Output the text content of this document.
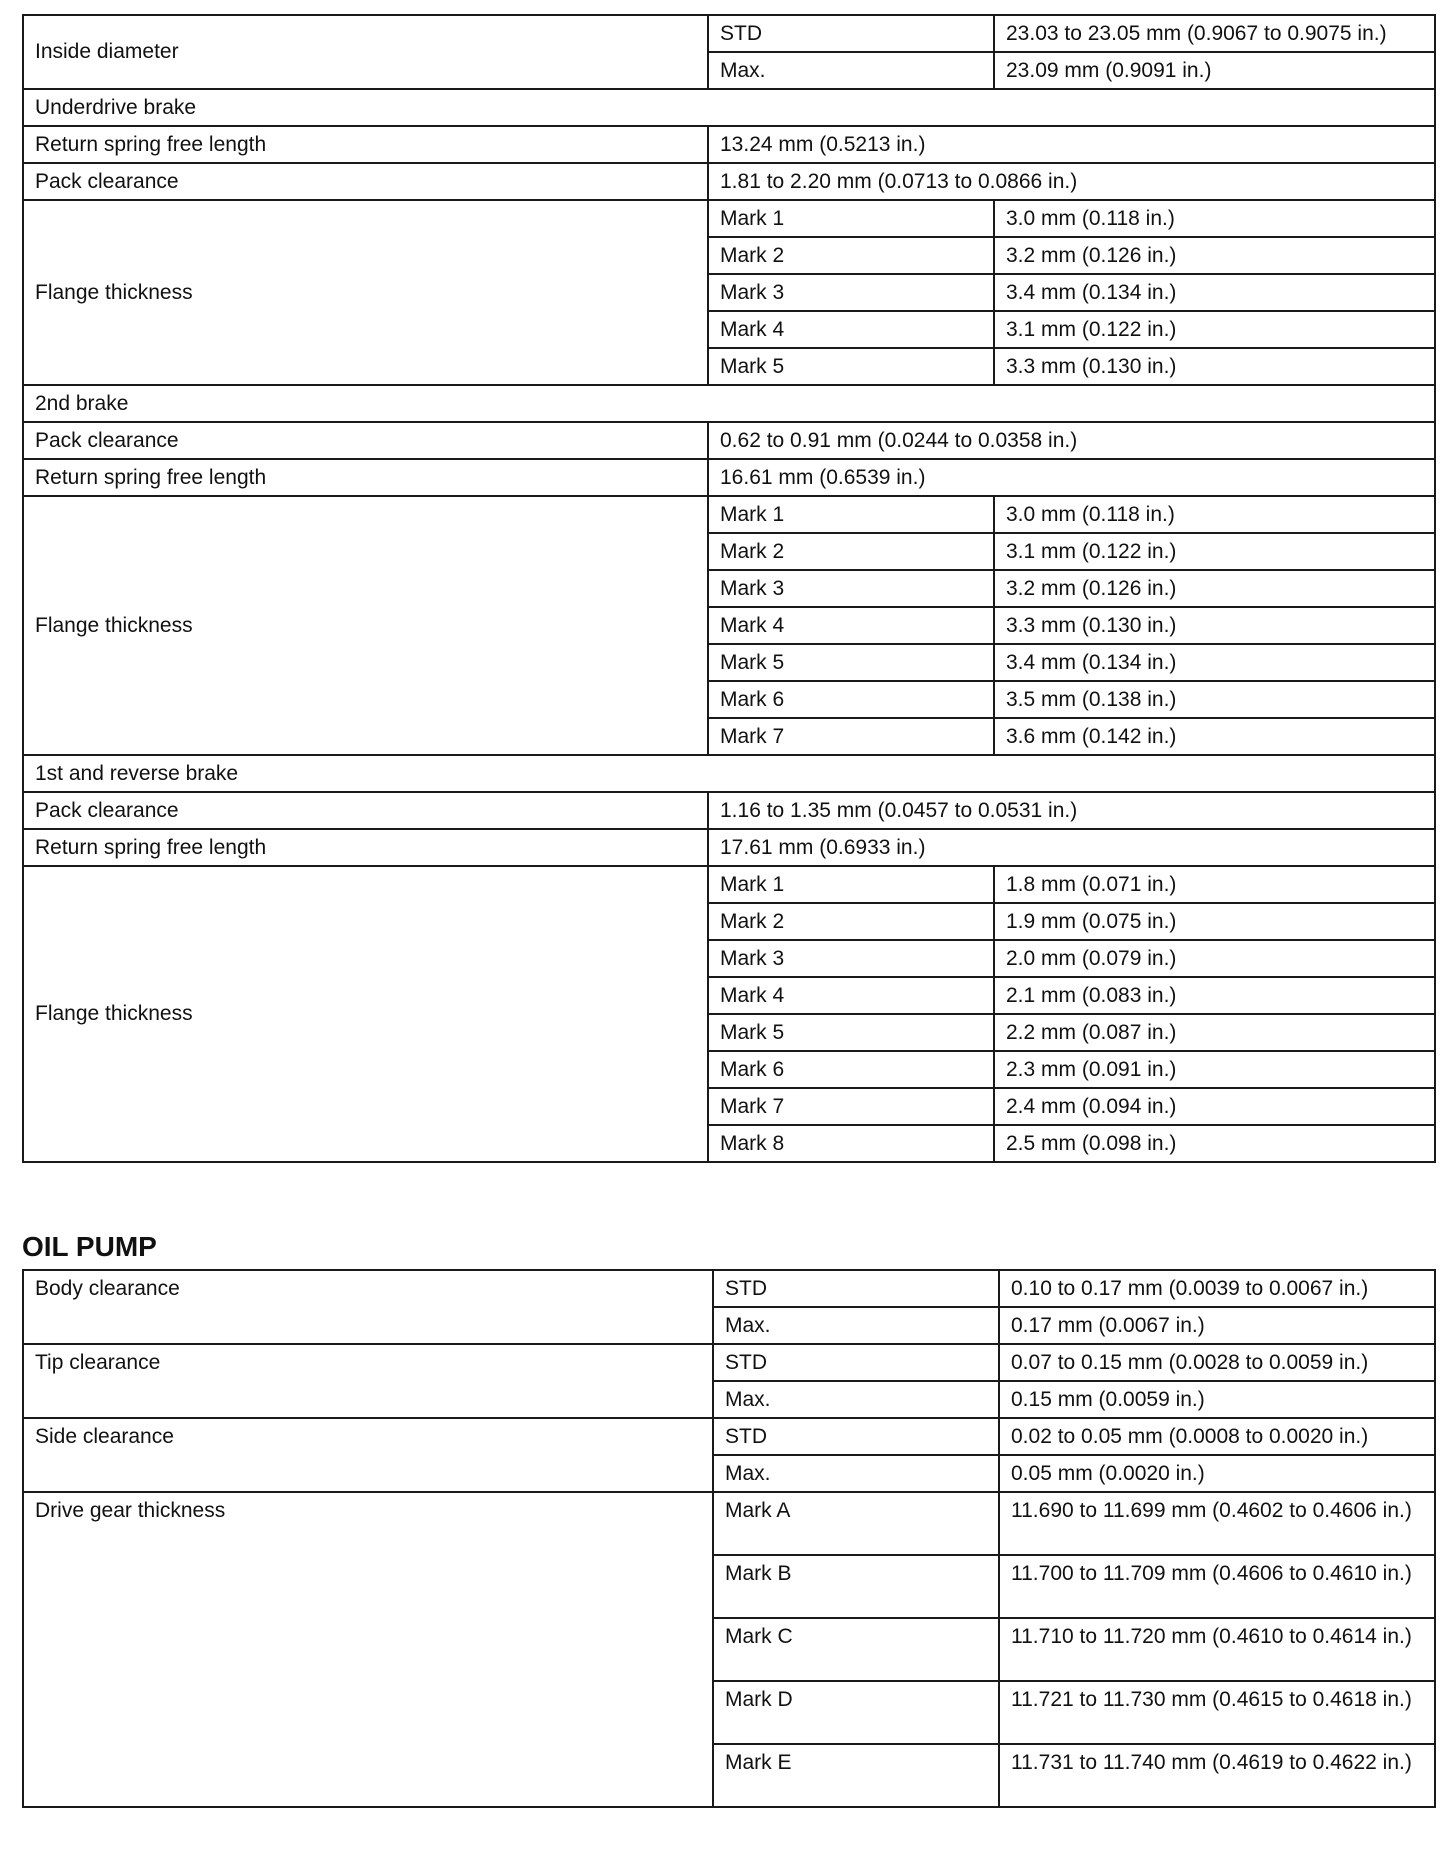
Inside diameter	STD	23.03 to 23.05 mm (0.9067 to 0.9075 in.)
	Max.	23.09 mm (0.9091 in.)
Underdrive brake		
Return spring free length	13.24 mm (0.5213 in.)	
Pack clearance	1.81 to 2.20 mm (0.0713 to 0.0866 in.)	
Flange thickness	Mark 1	3.0 mm (0.118 in.)
	Mark 2	3.2 mm (0.126 in.)
	Mark 3	3.4 mm (0.134 in.)
	Mark 4	3.1 mm (0.122 in.)
	Mark 5	3.3 mm (0.130 in.)
2nd brake		
Pack clearance	0.62 to 0.91 mm (0.0244 to 0.0358 in.)	
Return spring free length	16.61 mm (0.6539 in.)	
Flange thickness	Mark 1	3.0 mm (0.118 in.)
	Mark 2	3.1 mm (0.122 in.)
	Mark 3	3.2 mm (0.126 in.)
	Mark 4	3.3 mm (0.130 in.)
	Mark 5	3.4 mm (0.134 in.)
	Mark 6	3.5 mm (0.138 in.)
	Mark 7	3.6 mm (0.142 in.)
1st and reverse brake		
Pack clearance	1.16 to 1.35 mm (0.0457 to 0.0531 in.)	
Return spring free length	17.61 mm (0.6933 in.)	
Flange thickness	Mark 1	1.8 mm (0.071 in.)
	Mark 2	1.9 mm (0.075 in.)
	Mark 3	2.0 mm (0.079 in.)
	Mark 4	2.1 mm (0.083 in.)
	Mark 5	2.2 mm (0.087 in.)
	Mark 6	2.3 mm (0.091 in.)
	Mark 7	2.4 mm (0.094 in.)
	Mark 8	2.5 mm (0.098 in.)
OIL PUMP
Body clearance	STD	0.10 to 0.17 mm (0.0039 to 0.0067 in.)
	Max.	0.17 mm (0.0067 in.)
Tip clearance	STD	0.07 to 0.15 mm (0.0028 to 0.0059 in.)
	Max.	0.15 mm (0.0059 in.)
Side clearance	STD	0.02 to 0.05 mm (0.0008 to 0.0020 in.)
	Max.	0.05 mm (0.0020 in.)
Drive gear thickness	Mark A	11.690 to 11.699 mm (0.4602 to 0.4606 in.)
	Mark B	11.700 to 11.709 mm (0.4606 to 0.4610 in.)
	Mark C	11.710 to 11.720 mm (0.4610 to 0.4614 in.)
	Mark D	11.721 to 11.730 mm (0.4615 to 0.4618 in.)
	Mark E	11.731 to 11.740 mm (0.4619 to 0.4622 in.)
